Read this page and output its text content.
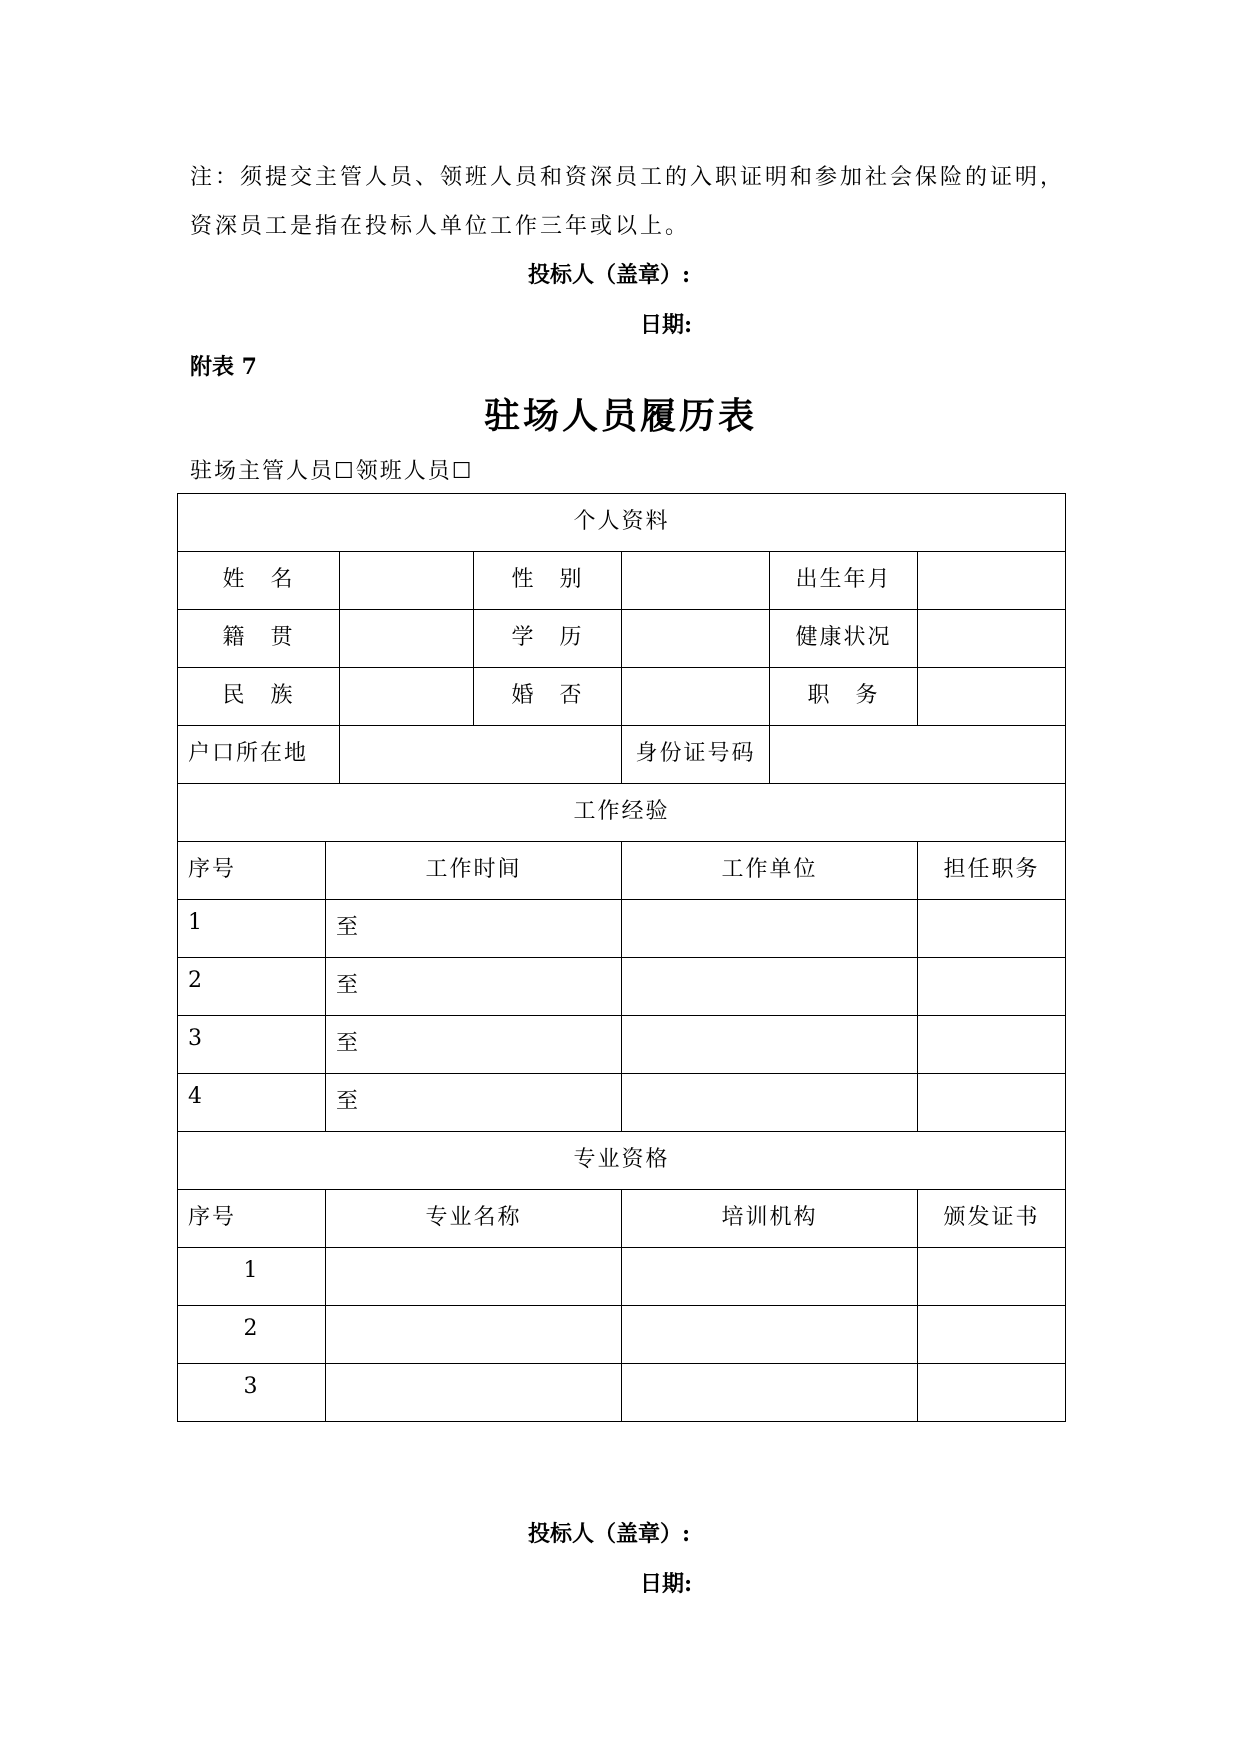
注：须提交主管人员、领班人员和资深员工的入职证明和参加社会保险的证明，
资深员工是指在投标人单位工作三年或以上。
投标人（盖章）:
日期:
附表 7
驻场人员履历表
驻场主管人员☐领班人员☐
个人资料						
姓　名			性　别		出生年月	
籍　贯			学　历		健康状况	
民　族			婚　否		职　务	
户口所在地				身份证号码		
工作经验						
序号	工作时间			工作单位		担任职务
1	至					
2	至					
3	至					
4	至					
专业资格						
序号	专业名称			培训机构		颁发证书
1						
2						
3						
投标人（盖章）:
日期:
